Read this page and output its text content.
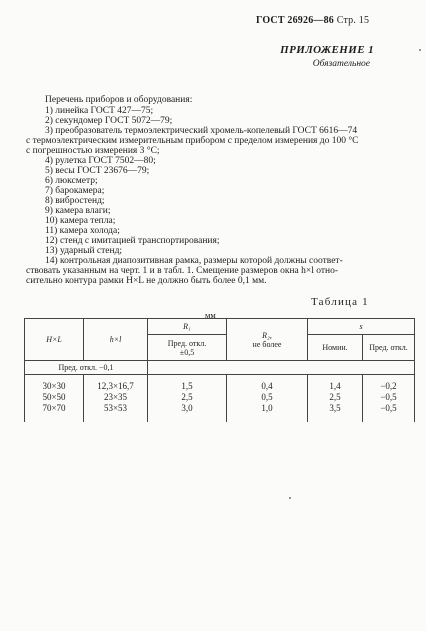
ГОСТ 26926—86 Стр. 15
ПРИЛОЖЕНИЕ 1
Обязательное
Перечень приборов и оборудования:
1) линейка ГОСТ 427—75;
2) секундомер ГОСТ 5072—79;
3) преобразователь термоэлектрический хромель-копелевый ГОСТ 6616—74
с термоэлектрическим измерительным прибором с пределом измерения до 100 °С
с погрешностью измерения 3 °С;
4) рулетка ГОСТ 7502—80;
5) весы ГОСТ 23676—79;
6) люксметр;
7) барокамера;
8) вибростенд;
9) камера влаги;
10) камера тепла;
11) камера холода;
12) стенд с имитацией транспортирования;
13) ударный стенд;
14) контрольная диапозитивная рамка, размеры которой должны соответ-
ствовать указанным на черт. 1 и в табл. 1. Смещение размеров окна h×l отно-
сительно контура рамки H×L не должно быть более 0,1 мм.
Таблица 1
мм
H×L	h×l	R₁	R₂,
не более	s	

		Пред. откл.
±0,5		Номин.	Пред. откл.
Пред. откл. −0,1					
30×30	12,3×16,7	1,5	0,4	1,4	−0,2
50×50	23×35	2,5	0,5	2,5	−0,5
70×70	53×53	3,0	1,0	3,5	−0,5
